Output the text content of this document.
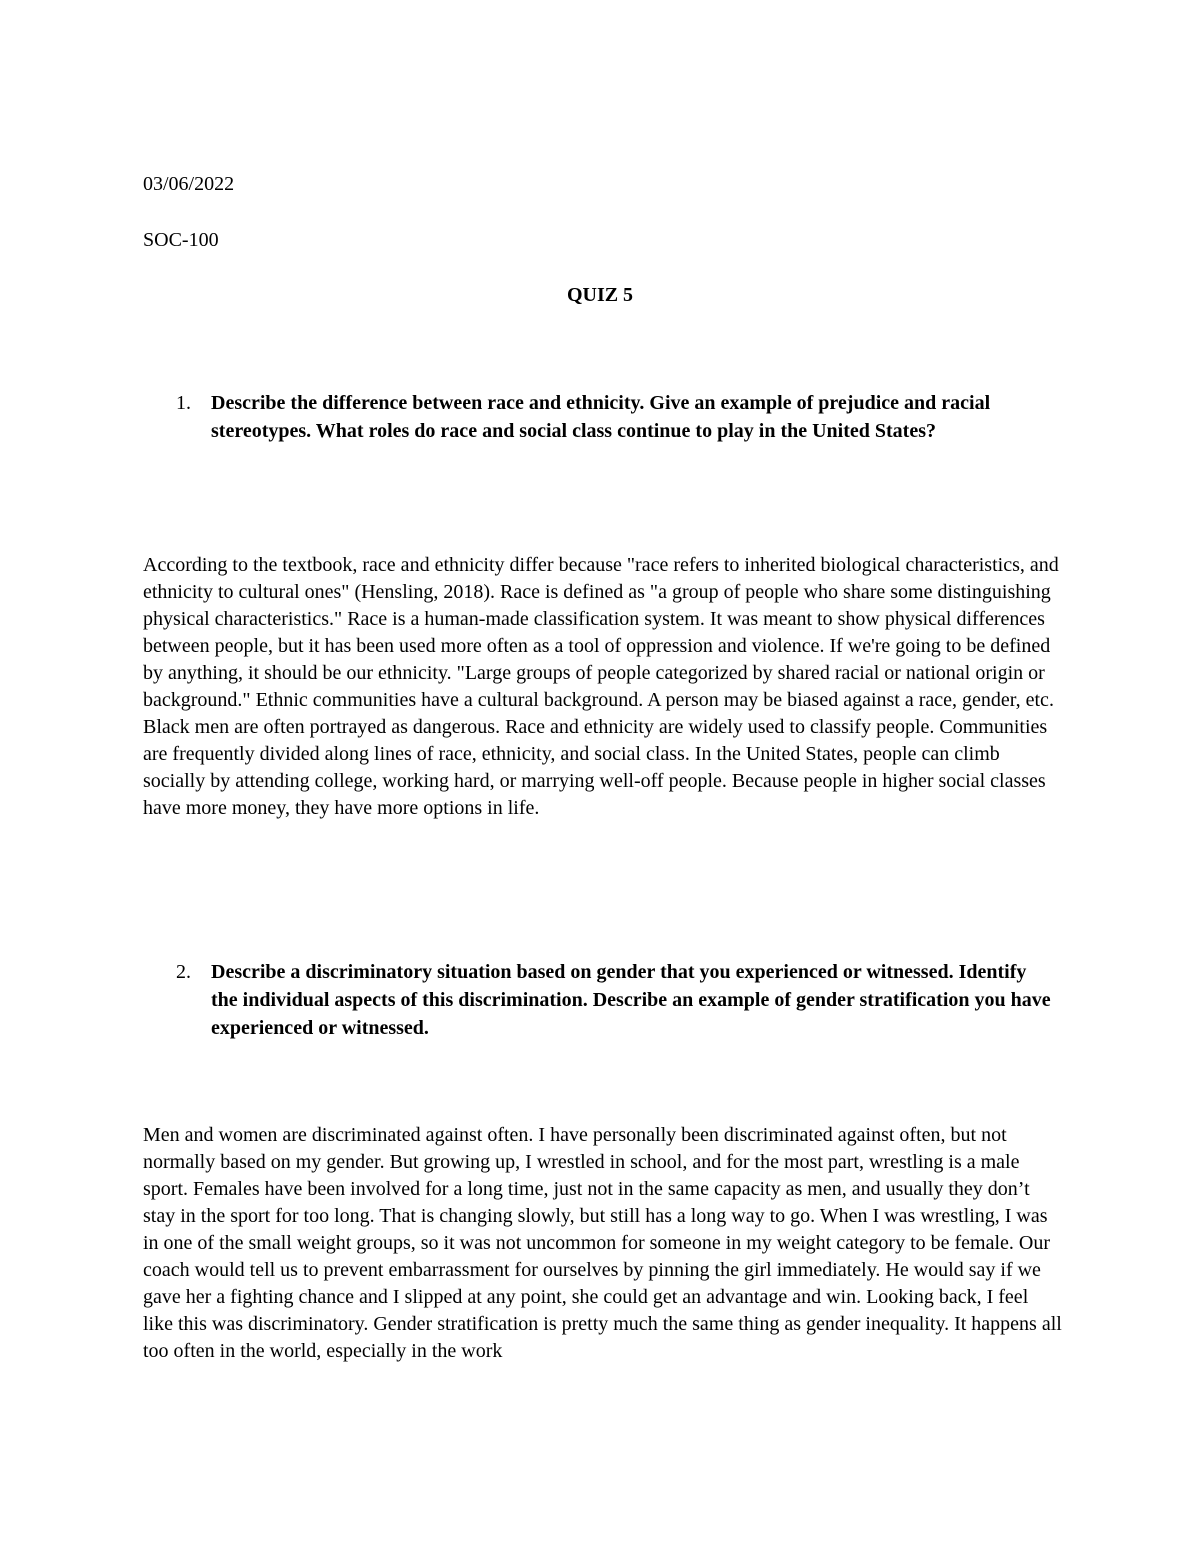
03/06/2022
SOC-100
QUIZ 5
1. Describe the difference between race and ethnicity. Give an example of prejudice and racial stereotypes. What roles do race and social class continue to play in the United States?

According to the textbook, race and ethnicity differ because "race refers to inherited biological characteristics, and ethnicity to cultural ones" (Hensling, 2018). Race is defined as "a group of people who share some distinguishing physical characteristics." Race is a human-made classification system. It was meant to show physical differences between people, but it has been used more often as a tool of oppression and violence. If we're going to be defined by anything, it should be our ethnicity. "Large groups of people categorized by shared racial or national origin or background." Ethnic communities have a cultural background. A person may be biased against a race, gender, etc. Black men are often portrayed as dangerous. Race and ethnicity are widely used to classify people. Communities are frequently divided along lines of race, ethnicity, and social class. In the United States, people can climb socially by attending college, working hard, or marrying well-off people. Because people in higher social classes have more money, they have more options in life.

2. Describe a discriminatory situation based on gender that you experienced or witnessed. Identify the individual aspects of this discrimination. Describe an example of gender stratification you have experienced or witnessed.

Men and women are discriminated against often. I have personally been discriminated against often, but not normally based on my gender. But growing up, I wrestled in school, and for the most part, wrestling is a male sport. Females have been involved for a long time, just not in the same capacity as men, and usually they don’t stay in the sport for too long. That is changing slowly, but still has a long way to go. When I was wrestling, I was in one of the small weight groups, so it was not uncommon for someone in my weight category to be female. Our coach would tell us to prevent embarrassment for ourselves by pinning the girl immediately. He would say if we gave her a fighting chance and I slipped at any point, she could get an advantage and win. Looking back, I feel like this was discriminatory. Gender stratification is pretty much the same thing as gender inequality. It happens all too often in the world, especially in the work
